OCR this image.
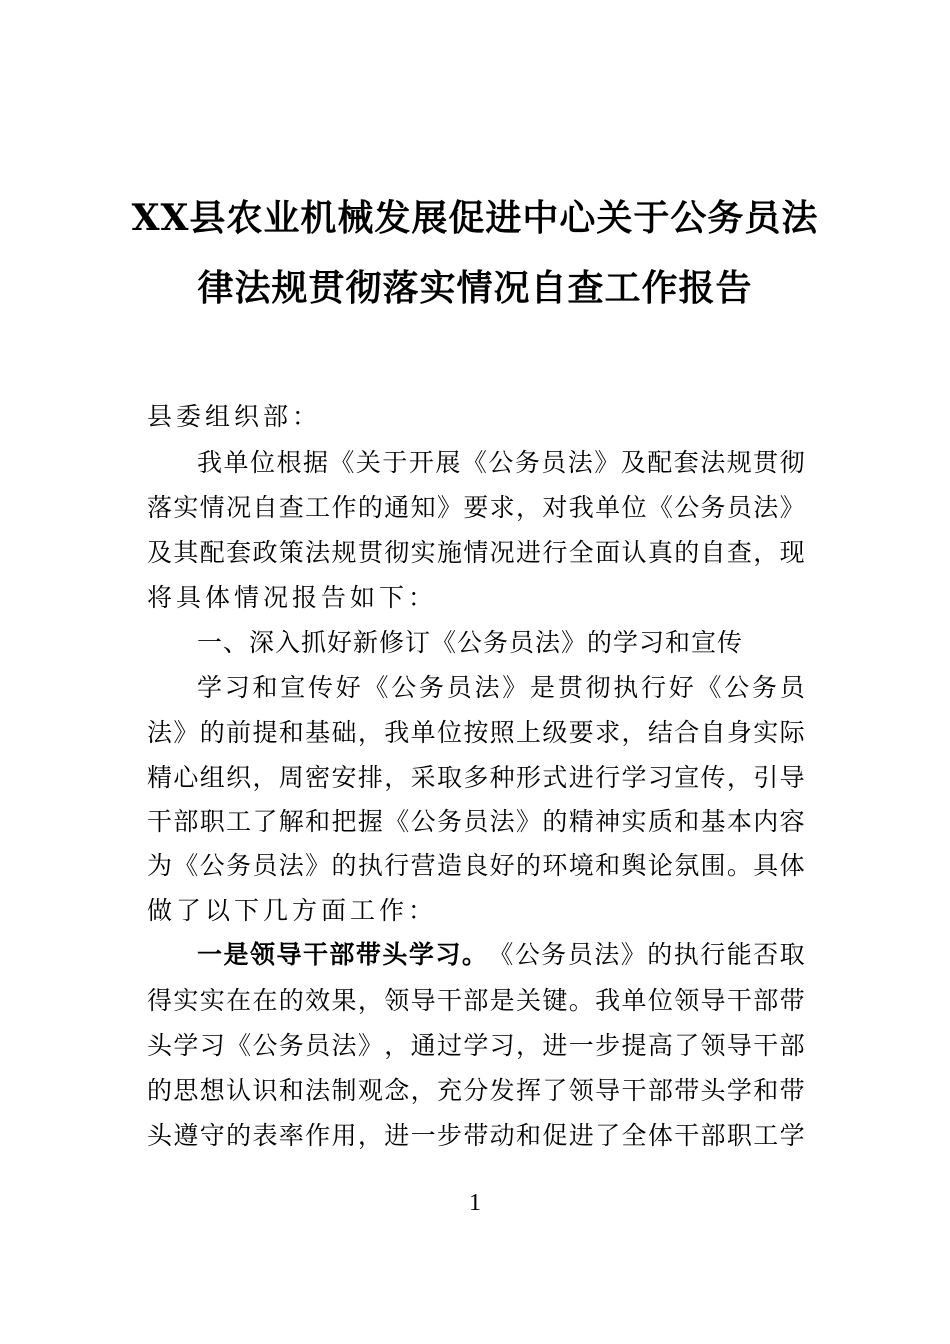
XX县农业机械发展促进中心关于公务员法
律法规贯彻落实情况自查工作报告
县委组织部：
我 单 位 根 据 《 关 于 开 展 《 公 务 员 法 》 及 配 套 法 规 贯 彻
落 实 情 况 自 查 工 作 的 通 知 》 要 求 ， 对 我 单 位 《 公 务 员 法 》
及 其 配 套 政 策 法 规 贯 彻 实 施 情 况 进 行 全 面 认 真 的 自 查 ， 现
将具体情况报告如下：
一、深入抓好新修订《公务员法》的学习和宣传
学 习 和 宣 传 好 《 公 务 员 法 》 是 贯 彻 执 行 好 《 公 务 员
法 》 的 前 提 和 基 础 ， 我 单 位 按 照 上 级 要 求 ， 结 合 自 身 实 际
精 心 组 织 ， 周 密 安 排 ， 采 取 多 种 形 式 进 行 学 习 宣 传 ， 引 导
干 部 职 工 了 解 和 把 握 《 公 务 员 法 》 的 精 神 实 质 和 基 本 内 容
为 《 公 务 员 法 》 的 执 行 营 造 良 好 的 环 境 和 舆 论 氛 围 。 具 体
做了以下几方面工作：
一 是 领 导 干 部 带 头 学 习 。 《 公 务 员 法 》 的 执 行 能 否 取
得 实 实 在 在 的 效 果 ， 领 导 干 部 是 关 键 。 我 单 位 领 导 干 部 带
头 学 习 《 公 务 员 法 》 ， 通 过 学 习 ， 进 一 步 提 高 了 领 导 干 部
的 思 想 认 识 和 法 制 观 念 ， 充 分 发 挥 了 领 导 干 部 带 头 学 和 带
头 遵 守 的 表 率 作 用 ， 进 一 步 带 动 和 促 进 了 全 体 干 部 职 工 学
1
